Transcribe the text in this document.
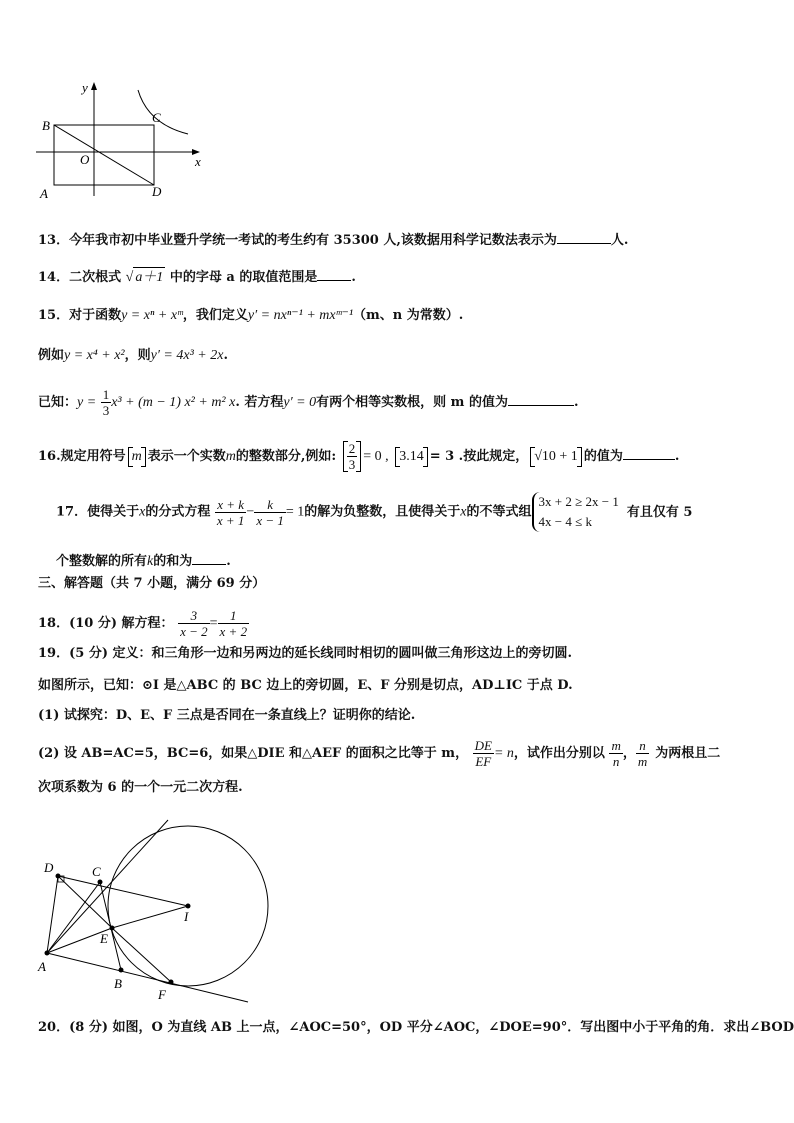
y
x
B
C
O
A	D
13．今年我市初中毕业暨升学统一考试的考生约有 35300 人,该数据用科学记数法表示为	人.
14．二次根式 √ a＋1 中的字母 a 的取值范围是	.
15．对于函数y = xⁿ + xᵐ，我们定义y′ = nxⁿ⁻¹ + mxᵐ⁻¹（m、n 为常数）.
例如y = x⁴ + x²，则y′ = 4x³ + 2x.
已知：$y = \frac{1}{3} x^3 + (m - 1) x^2 + m^2$ x. 若方程y′ = 0有两个相等实数根，则 m 的值为	.
16.规定用符号 m 表示一个实数m的整数部分,例如: $\frac{2}{3} = 0$ , 3.14 = 3 .按此规定， √10 + 1 的值为	.
17．使得关于x的分式方程 $\frac{x + k}{x + 1} - \frac{k}{x - 1} = 1$的解为负整数，且使得关于x的不等式组
3x + 2 ≥ 2x − 1
4x − 4 ≤ k
有且仅有 5
个整数解的所有k的和为	.
三、解答题（共 7 小题，满分 69 分）
18．(10 分) 解方程： $\frac{3}{x - 2} = \frac{1}{x + 2}$
19．(5 分) 定义：和三角形一边和另两边的延长线同时相切的圆叫做三角形这边上的旁切圆.
如图所示，已知：⊙I 是△ABC 的 BC 边上的旁切圆，E、F 分别是切点，AD⊥IC 于点 D.
(1) 试探究：D、E、F 三点是否同在一条直线上？证明你的结论.
(2) 设 AB=AC=5，BC=6，如果△DIE 和△AEF 的面积之比等于 m， $\frac{DE}{EF} = n$，试作出分别以 $\frac{m}{n}$ ， $\frac{n}{m}$ 为两根且二
次项系数为 6 的一个一元二次方程.
D	C
I
E
A
B
F
20．(8 分) 如图，O 为直线 AB 上一点，∠AOC=50°，OD 平分∠AOC，∠DOE=90°．写出图中小于平角的角．求出∠BOD
